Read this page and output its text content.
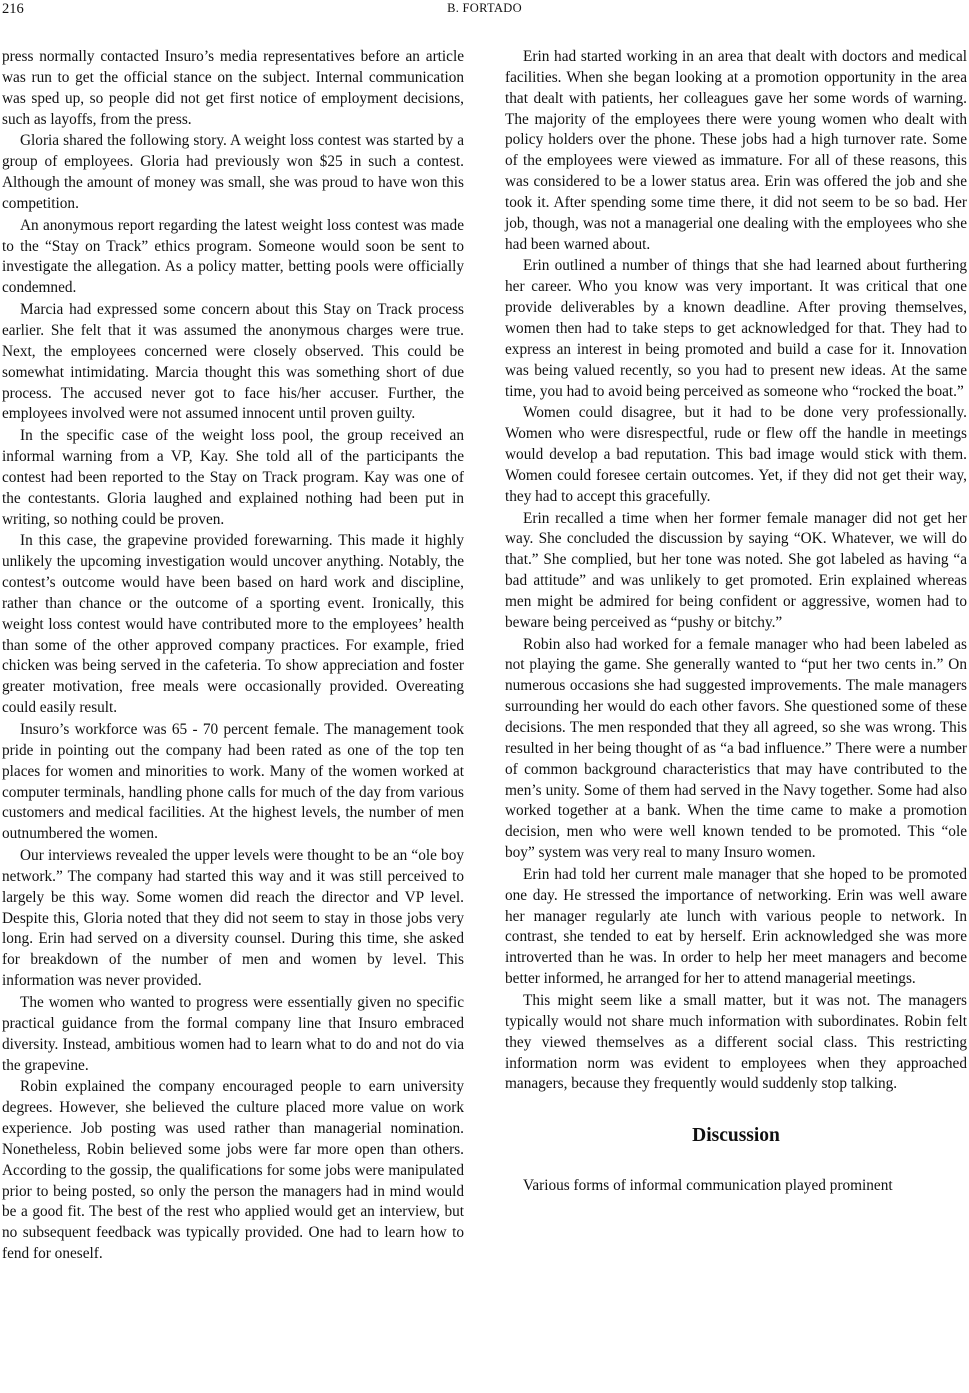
216	B. FORTADO

press normally contacted Insuro’s media representatives before an article was run to get the official stance on the subject. Internal communication was sped up, so people did not get first notice of employment decisions, such as layoffs, from the press.

Gloria shared the following story. A weight loss contest was started by a group of employees. Gloria had previously won $25 in such a contest. Although the amount of money was small, she was proud to have won this competition.

An anonymous report regarding the latest weight loss contest was made to the “Stay on Track” ethics program. Someone would soon be sent to investigate the allegation. As a policy matter, betting pools were officially condemned.

Marcia had expressed some concern about this Stay on Track process earlier. She felt that it was assumed the anonymous charges were true. Next, the employees concerned were closely observed. This could be somewhat intimidating. Marcia thought this was something short of due process. The accused never got to face his/her accuser. Further, the employees involved were not assumed innocent until proven guilty.

In the specific case of the weight loss pool, the group received an informal warning from a VP, Kay. She told all of the participants the contest had been reported to the Stay on Track program. Kay was one of the contestants. Gloria laughed and explained nothing had been put in writing, so nothing could be proven.

In this case, the grapevine provided forewarning. This made it highly unlikely the upcoming investigation would uncover anything. Notably, the contest’s outcome would have been based on hard work and discipline, rather than chance or the outcome of a sporting event. Ironically, this weight loss contest would have contributed more to the employees’ health than some of the other approved company practices. For example, fried chicken was being served in the cafeteria. To show appreciation and foster greater motivation, free meals were occasionally provided. Overeating could easily result.

Insuro’s workforce was 65 - 70 percent female. The management took pride in pointing out the company had been rated as one of the top ten places for women and minorities to work. Many of the women worked at computer terminals, handling phone calls for much of the day from various customers and medical facilities. At the highest levels, the number of men outnumbered the women.

Our interviews revealed the upper levels were thought to be an “ole boy network.” The company had started this way and it was still perceived to largely be this way. Some women did reach the director and VP level. Despite this, Gloria noted that they did not seem to stay in those jobs very long. Erin had served on a diversity counsel. During this time, she asked for breakdown of the number of men and women by level. This information was never provided.

The women who wanted to progress were essentially given no specific practical guidance from the formal company line that Insuro embraced diversity. Instead, ambitious women had to learn what to do and not do via the grapevine.

Robin explained the company encouraged people to earn university degrees. However, she believed the culture placed more value on work experience. Job posting was used rather than managerial nomination. Nonetheless, Robin believed some jobs were far more open than others. According to the gossip, the qualifications for some jobs were manipulated prior to being posted, so only the person the managers had in mind would be a good fit. The best of the rest who applied would get an interview, but no subsequent feedback was typically provided. One had to learn how to fend for oneself.

Erin had started working in an area that dealt with doctors and medical facilities. When she began looking at a promotion opportunity in the area that dealt with patients, her colleagues gave her some words of warning. The majority of the employees there were young women who dealt with policy holders over the phone. These jobs had a high turnover rate. Some of the employees were viewed as immature. For all of these reasons, this was considered to be a lower status area. Erin was offered the job and she took it. After spending some time there, it did not seem to be so bad. Her job, though, was not a managerial one dealing with the employees who she had been warned about.

Erin outlined a number of things that she had learned about furthering her career. Who you know was very important. It was critical that one provide deliverables by a known deadline. After proving themselves, women then had to take steps to get acknowledged for that. They had to express an interest in being promoted and build a case for it. Innovation was being valued recently, so you had to present new ideas. At the same time, you had to avoid being perceived as someone who “rocked the boat.”

Women could disagree, but it had to be done very professionally. Women who were disrespectful, rude or flew off the handle in meetings would develop a bad reputation. This bad image would stick with them. Women could foresee certain outcomes. Yet, if they did not get their way, they had to accept this gracefully.

Erin recalled a time when her former female manager did not get her way. She concluded the discussion by saying “OK. Whatever, we will do that.” She complied, but her tone was noted. She got labeled as having “a bad attitude” and was unlikely to get promoted. Erin explained whereas men might be admired for being confident or aggressive, women had to beware being perceived as “pushy or bitchy.”

Robin also had worked for a female manager who had been labeled as not playing the game. She generally wanted to “put her two cents in.” On numerous occasions she had suggested improvements. The male managers surrounding her would do each other favors. She questioned some of these decisions. The men responded that they all agreed, so she was wrong. This resulted in her being thought of as “a bad influence.” There were a number of common background characteristics that may have contributed to the men’s unity. Some of them had served in the Navy together. Some had also worked together at a bank. When the time came to make a promotion decision, men who were well known tended to be promoted. This “ole boy” system was very real to many Insuro women.

Erin had told her current male manager that she hoped to be promoted one day. He stressed the importance of networking. Erin was well aware her manager regularly ate lunch with various people to network. In contrast, she tended to eat by herself. Erin acknowledged she was more introverted than he was. In order to help her meet managers and become better informed, he arranged for her to attend managerial meetings.

This might seem like a small matter, but it was not. The managers typically would not share much information with subordinates. Robin felt they viewed themselves as a different social class. This restricting information norm was evident to employees when they approached managers, because they frequently would suddenly stop talking.

Discussion

Various forms of informal communication played prominent
